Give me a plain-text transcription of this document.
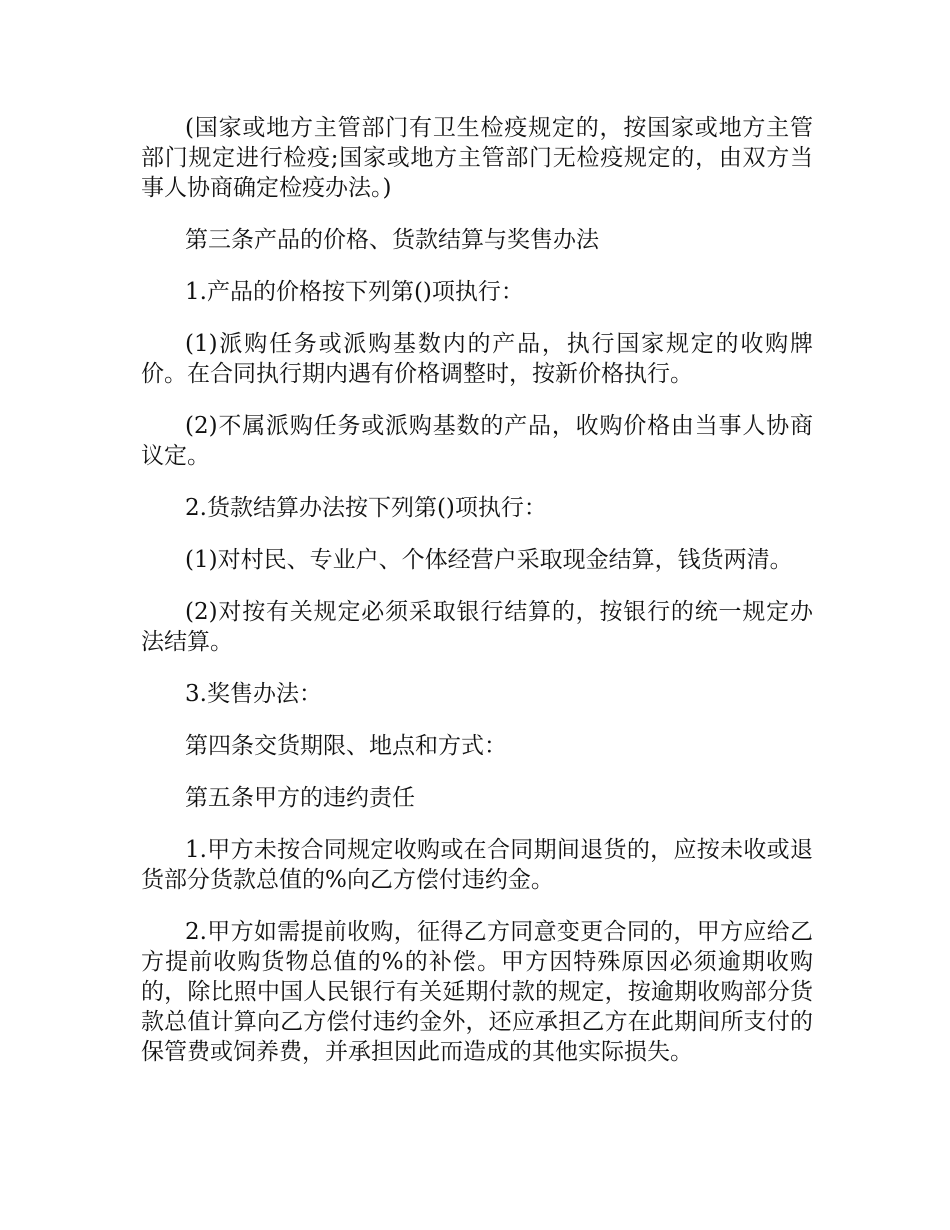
(国家或地方主管部门有卫生检疫规定的，按国家或地方主管部门规定进行检疫;国家或地方主管部门无检疫规定的，由双方当事人协商确定检疫办法。)

第三条产品的价格、货款结算与奖售办法

1.产品的价格按下列第()项执行：

(1)派购任务或派购基数内的产品，执行国家规定的收购牌价。在合同执行期内遇有价格调整时，按新价格执行。

(2)不属派购任务或派购基数的产品，收购价格由当事人协商议定。

2.货款结算办法按下列第()项执行：

(1)对村民、专业户、个体经营户采取现金结算，钱货两清。

(2)对按有关规定必须采取银行结算的，按银行的统一规定办法结算。

3.奖售办法：

第四条交货期限、地点和方式：

第五条甲方的违约责任

1.甲方未按合同规定收购或在合同期间退货的，应按未收或退货部分货款总值的%向乙方偿付违约金。

2.甲方如需提前收购，征得乙方同意变更合同的，甲方应给乙方提前收购货物总值的%的补偿。甲方因特殊原因必须逾期收购的，除比照中国人民银行有关延期付款的规定，按逾期收购部分货款总值计算向乙方偿付违约金外，还应承担乙方在此期间所支付的保管费或饲养费，并承担因此而造成的其他实际损失。
